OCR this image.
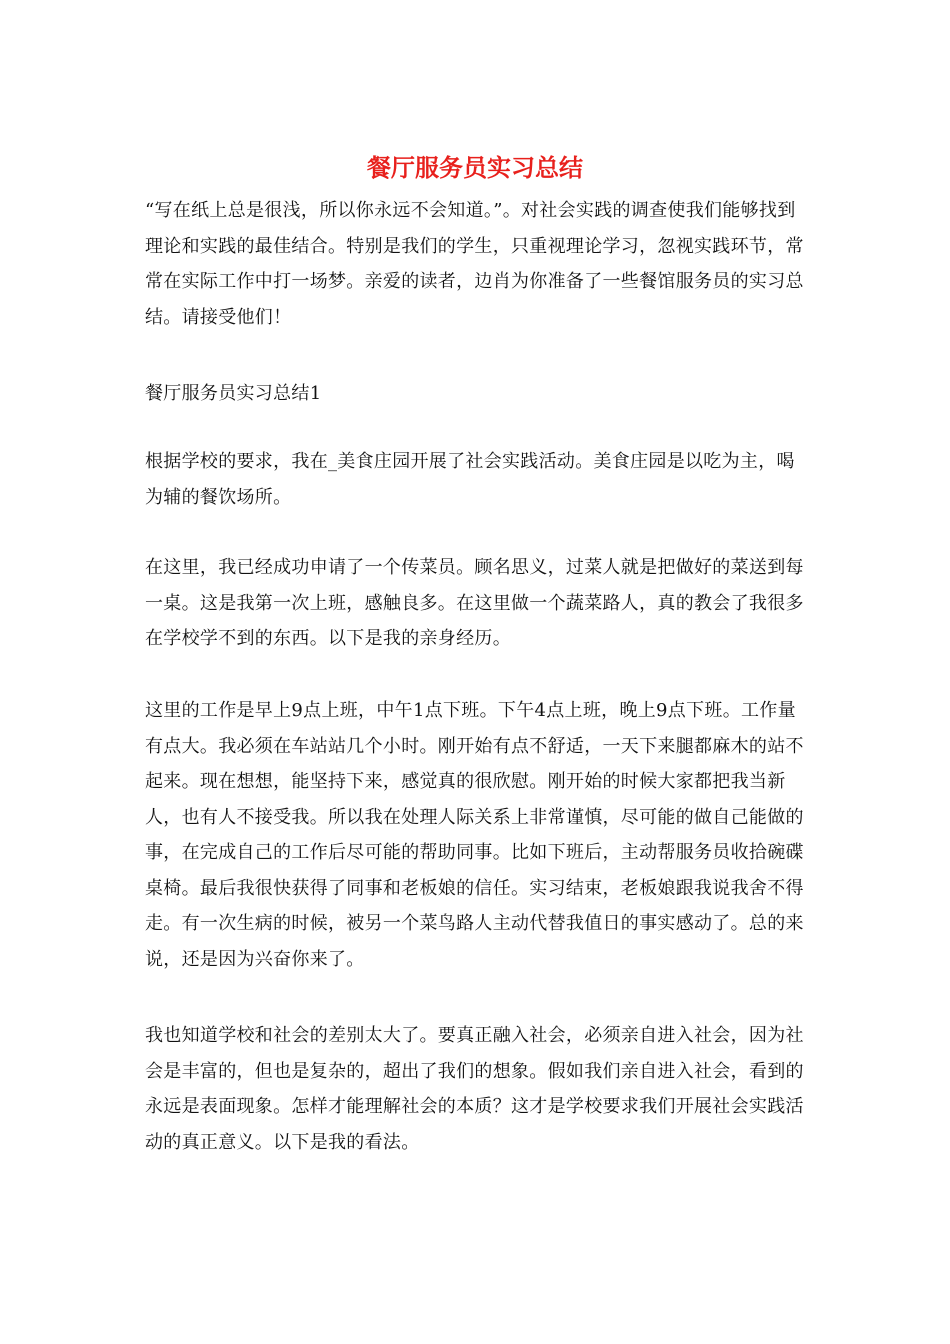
餐厅服务员实习总结

“写在纸上总是很浅，所以你永远不会知道。”。对社会实践的调查使我们能够找到理论和实践的最佳结合。特别是我们的学生，只重视理论学习，忽视实践环节，常常在实际工作中打一场梦。亲爱的读者，边肖为你准备了一些餐馆服务员的实习总结。请接受他们！

餐厅服务员实习总结1

根据学校的要求，我在_美食庄园开展了社会实践活动。美食庄园是以吃为主，喝为辅的餐饮场所。

在这里，我已经成功申请了一个传菜员。顾名思义，过菜人就是把做好的菜送到每一桌。这是我第一次上班，感触良多。在这里做一个蔬菜路人，真的教会了我很多在学校学不到的东西。以下是我的亲身经历。

这里的工作是早上9点上班，中午1点下班。下午4点上班，晚上9点下班。工作量有点大。我必须在车站站几个小时。刚开始有点不舒适，一天下来腿都麻木的站不起来。现在想想，能坚持下来，感觉真的很欣慰。刚开始的时候大家都把我当新人，也有人不接受我。所以我在处理人际关系上非常谨慎，尽可能的做自己能做的事，在完成自己的工作后尽可能的帮助同事。比如下班后，主动帮服务员收拾碗碟桌椅。最后我很快获得了同事和老板娘的信任。实习结束，老板娘跟我说我舍不得走。有一次生病的时候，被另一个菜鸟路人主动代替我值日的事实感动了。总的来说，还是因为兴奋你来了。

我也知道学校和社会的差别太大了。要真正融入社会，必须亲自进入社会，因为社会是丰富的，但也是复杂的，超出了我们的想象。假如我们亲自进入社会，看到的永远是表面现象。怎样才能理解社会的本质？这才是学校要求我们开展社会实践活动的真正意义。以下是我的看法。
